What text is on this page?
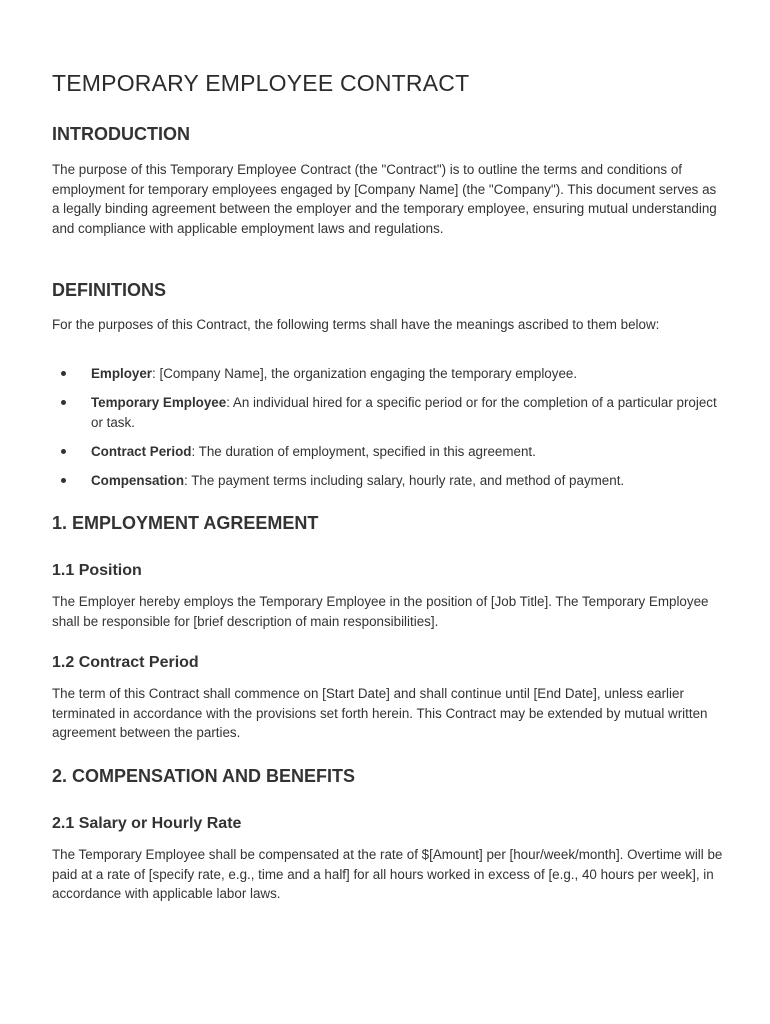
TEMPORARY EMPLOYEE CONTRACT
INTRODUCTION
The purpose of this Temporary Employee Contract (the "Contract") is to outline the terms and conditions of employment for temporary employees engaged by [Company Name] (the "Company"). This document serves as a legally binding agreement between the employer and the temporary employee, ensuring mutual understanding and compliance with applicable employment laws and regulations.
DEFINITIONS
For the purposes of this Contract, the following terms shall have the meanings ascribed to them below:
Employer: [Company Name], the organization engaging the temporary employee.
Temporary Employee: An individual hired for a specific period or for the completion of a particular project or task.
Contract Period: The duration of employment, specified in this agreement.
Compensation: The payment terms including salary, hourly rate, and method of payment.
1. EMPLOYMENT AGREEMENT
1.1 Position
The Employer hereby employs the Temporary Employee in the position of [Job Title]. The Temporary Employee shall be responsible for [brief description of main responsibilities].
1.2 Contract Period
The term of this Contract shall commence on [Start Date] and shall continue until [End Date], unless earlier terminated in accordance with the provisions set forth herein. This Contract may be extended by mutual written agreement between the parties.
2. COMPENSATION AND BENEFITS
2.1 Salary or Hourly Rate
The Temporary Employee shall be compensated at the rate of $[Amount] per [hour/week/month]. Overtime will be paid at a rate of [specify rate, e.g., time and a half] for all hours worked in excess of [e.g., 40 hours per week], in accordance with applicable labor laws.
